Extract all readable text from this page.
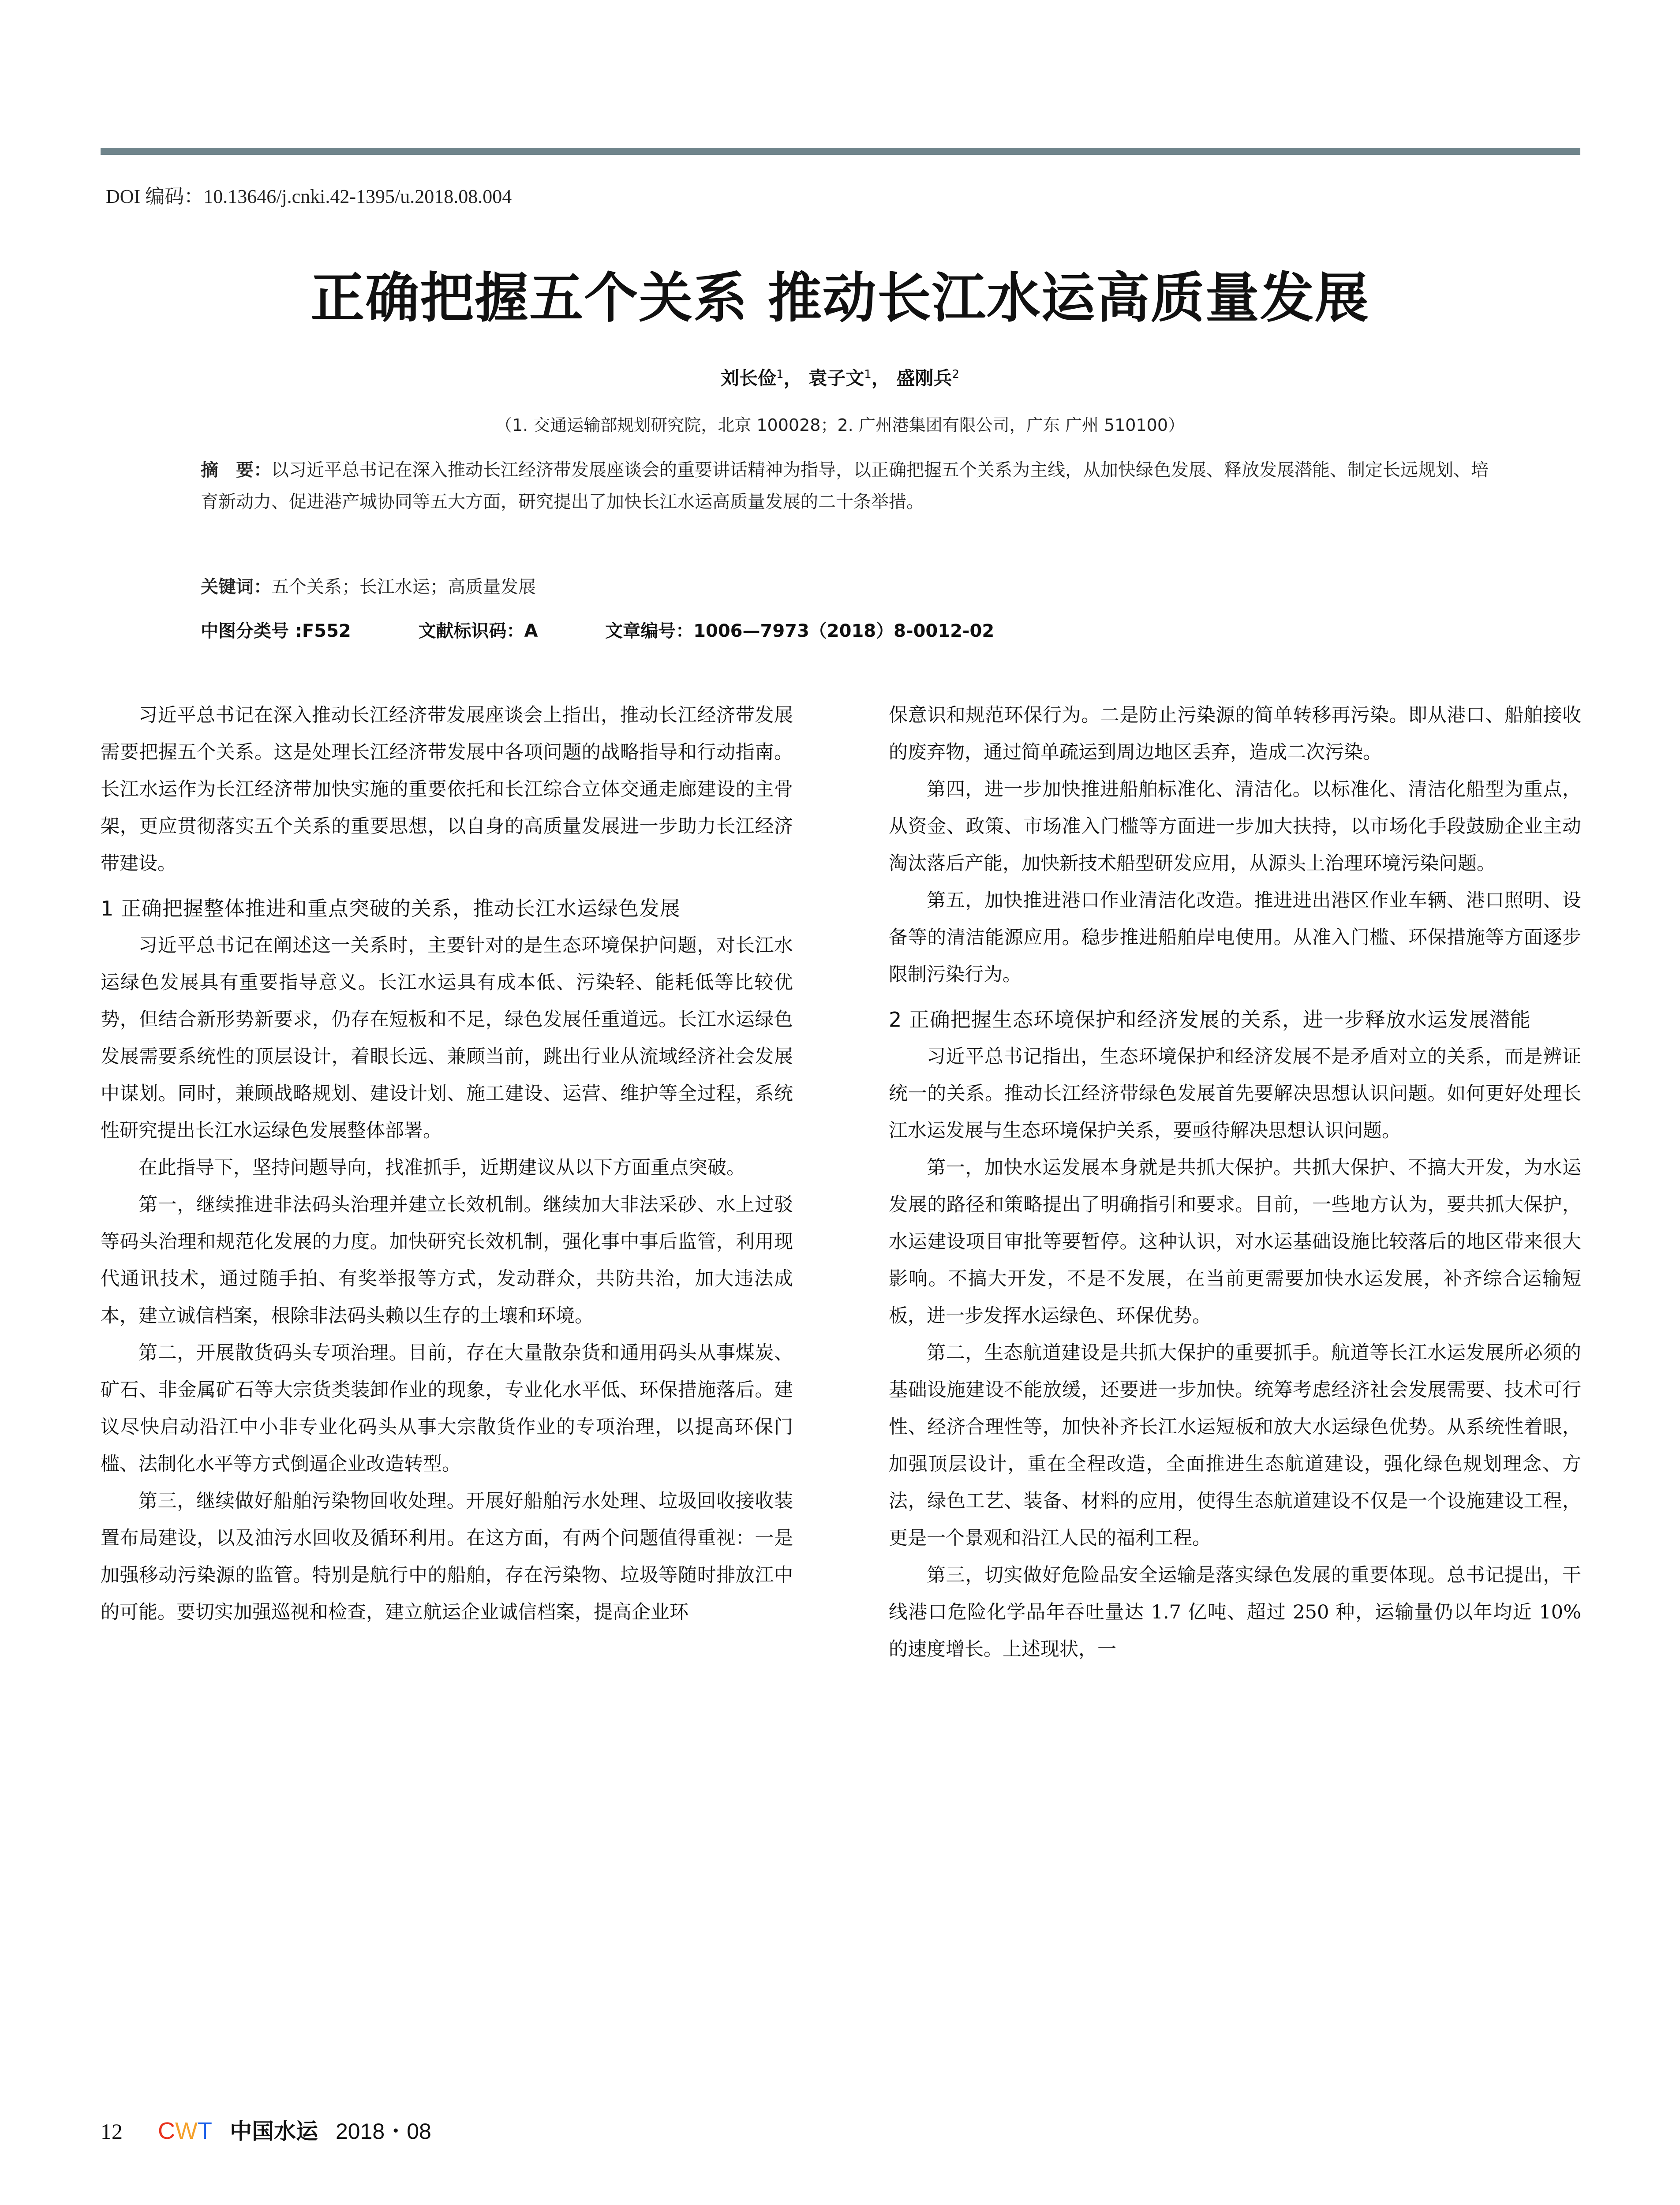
DOI 编码：10.13646/j.cnki.42-1395/u.2018.08.004
正确把握五个关系 推动长江水运高质量发展
刘长俭$^1$， 袁子文$^1$， 盛刚兵$^2$
（1. 交通运输部规划研究院，北京 100028；2. 广州港集团有限公司，广东 广州 510100）
摘　要：以习近平总书记在深入推动长江经济带发展座谈会的重要讲话精神为指导，以正确把握五个关系为主线，从加快绿色发展、释放发展潜能、制定长远规划、培育新动力、促进港产城协同等五大方面，研究提出了加快长江水运高质量发展的二十条举措。
关键词：五个关系；长江水运；高质量发展
中图分类号 :F552	文献标识码：A	文章编号：1006—7973（2018）8-0012-02

习近平总书记在深入推动长江经济带发展座谈会上指出，推动长江经济带发展需要把握五个关系。这是处理长江经济带发展中各项问题的战略指导和行动指南。长江水运作为长江经济带加快实施的重要依托和长江综合立体交通走廊建设的主骨架，更应贯彻落实五个关系的重要思想，以自身的高质量发展进一步助力长江经济带建设。

1 正确把握整体推进和重点突破的关系，推动长江水运绿色发展

习近平总书记在阐述这一关系时，主要针对的是生态环境保护问题，对长江水运绿色发展具有重要指导意义。长江水运具有成本低、污染轻、能耗低等比较优势，但结合新形势新要求，仍存在短板和不足，绿色发展任重道远。长江水运绿色发展需要系统性的顶层设计，着眼长远、兼顾当前，跳出行业从流域经济社会发展中谋划。同时，兼顾战略规划、建设计划、施工建设、运营、维护等全过程，系统性研究提出长江水运绿色发展整体部署。

在此指导下，坚持问题导向，找准抓手，近期建议从以下方面重点突破。

第一，继续推进非法码头治理并建立长效机制。继续加大非法采砂、水上过驳等码头治理和规范化发展的力度。加快研究长效机制，强化事中事后监管，利用现代通讯技术，通过随手拍、有奖举报等方式，发动群众，共防共治，加大违法成本，建立诚信档案，根除非法码头赖以生存的土壤和环境。

第二，开展散货码头专项治理。目前，存在大量散杂货和通用码头从事煤炭、矿石、非金属矿石等大宗货类装卸作业的现象，专业化水平低、环保措施落后。建议尽快启动沿江中小非专业化码头从事大宗散货作业的专项治理，以提高环保门槛、法制化水平等方式倒逼企业改造转型。

第三，继续做好船舶污染物回收处理。开展好船舶污水处理、垃圾回收接收装置布局建设，以及油污水回收及循环利用。在这方面，有两个问题值得重视：一是加强移动污染源的监管。特别是航行中的船舶，存在污染物、垃圾等随时排放江中的可能。要切实加强巡视和检查，建立航运企业诚信档案，提高企业环

保意识和规范环保行为。二是防止污染源的简单转移再污染。即从港口、船舶接收的废弃物，通过简单疏运到周边地区丢弃，造成二次污染。

第四，进一步加快推进船舶标准化、清洁化。以标准化、清洁化船型为重点，从资金、政策、市场准入门槛等方面进一步加大扶持，以市场化手段鼓励企业主动淘汰落后产能，加快新技术船型研发应用，从源头上治理环境污染问题。

第五，加快推进港口作业清洁化改造。推进进出港区作业车辆、港口照明、设备等的清洁能源应用。稳步推进船舶岸电使用。从准入门槛、环保措施等方面逐步限制污染行为。

2 正确把握生态环境保护和经济发展的关系，进一步释放水运发展潜能

习近平总书记指出，生态环境保护和经济发展不是矛盾对立的关系，而是辨证统一的关系。推动长江经济带绿色发展首先要解决思想认识问题。如何更好处理长江水运发展与生态环境保护关系，要亟待解决思想认识问题。

第一，加快水运发展本身就是共抓大保护。共抓大保护、不搞大开发，为水运发展的路径和策略提出了明确指引和要求。目前，一些地方认为，要共抓大保护，水运建设项目审批等要暂停。这种认识，对水运基础设施比较落后的地区带来很大影响。不搞大开发，不是不发展，在当前更需要加快水运发展，补齐综合运输短板，进一步发挥水运绿色、环保优势。

第二，生态航道建设是共抓大保护的重要抓手。航道等长江水运发展所必须的基础设施建设不能放缓，还要进一步加快。统筹考虑经济社会发展需要、技术可行性、经济合理性等，加快补齐长江水运短板和放大水运绿色优势。从系统性着眼，加强顶层设计，重在全程改造，全面推进生态航道建设，强化绿色规划理念、方法，绿色工艺、装备、材料的应用，使得生态航道建设不仅是一个设施建设工程，更是一个景观和沿江人民的福利工程。

第三，切实做好危险品安全运输是落实绿色发展的重要体现。总书记提出，干线港口危险化学品年吞吐量达 1.7 亿吨、超过 250 种，运输量仍以年均近 10% 的速度增长。上述现状，一

12 CWT 中国水运 2018・08
